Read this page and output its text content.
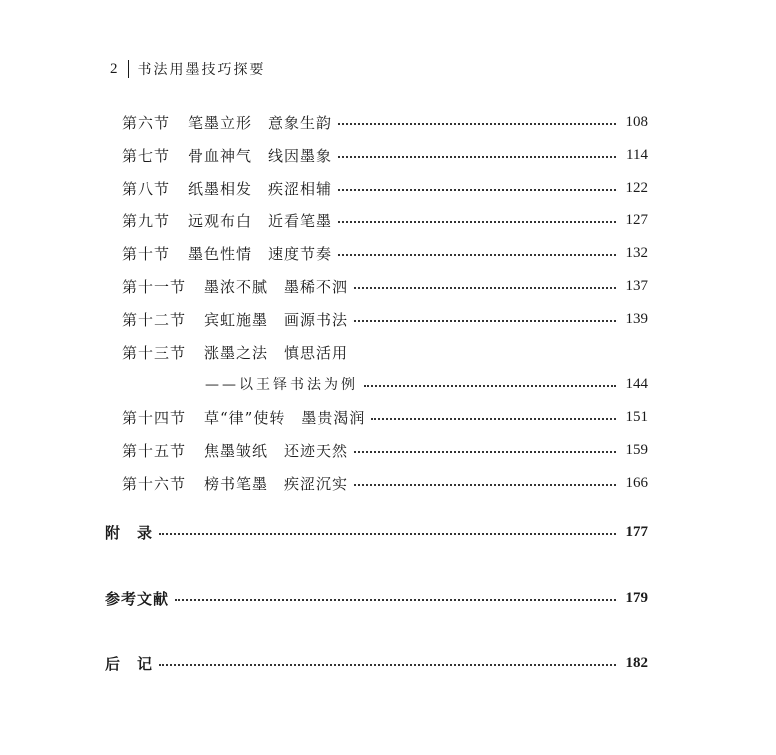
2 书法用墨技巧探要
第六节 笔墨立形　意象生韵	108
第七节 骨血神气　线因墨象	114
第八节 纸墨相发　疾涩相辅	122
第九节 远观布白　近看笔墨	127
第十节 墨色性情　速度节奏	132
第十一节 墨浓不腻　墨稀不泗	137
第十二节 宾虹施墨　画源书法	139
第十三节 涨墨之法　慎思活用
——以王铎书法为例	144
第十四节 草“律”使转　墨贵渴润	151
第十五节 焦墨皱纸　还迹天然	159
第十六节 榜书笔墨　疾涩沉实	166
附　录	177
参考文献	179
后　记	182
